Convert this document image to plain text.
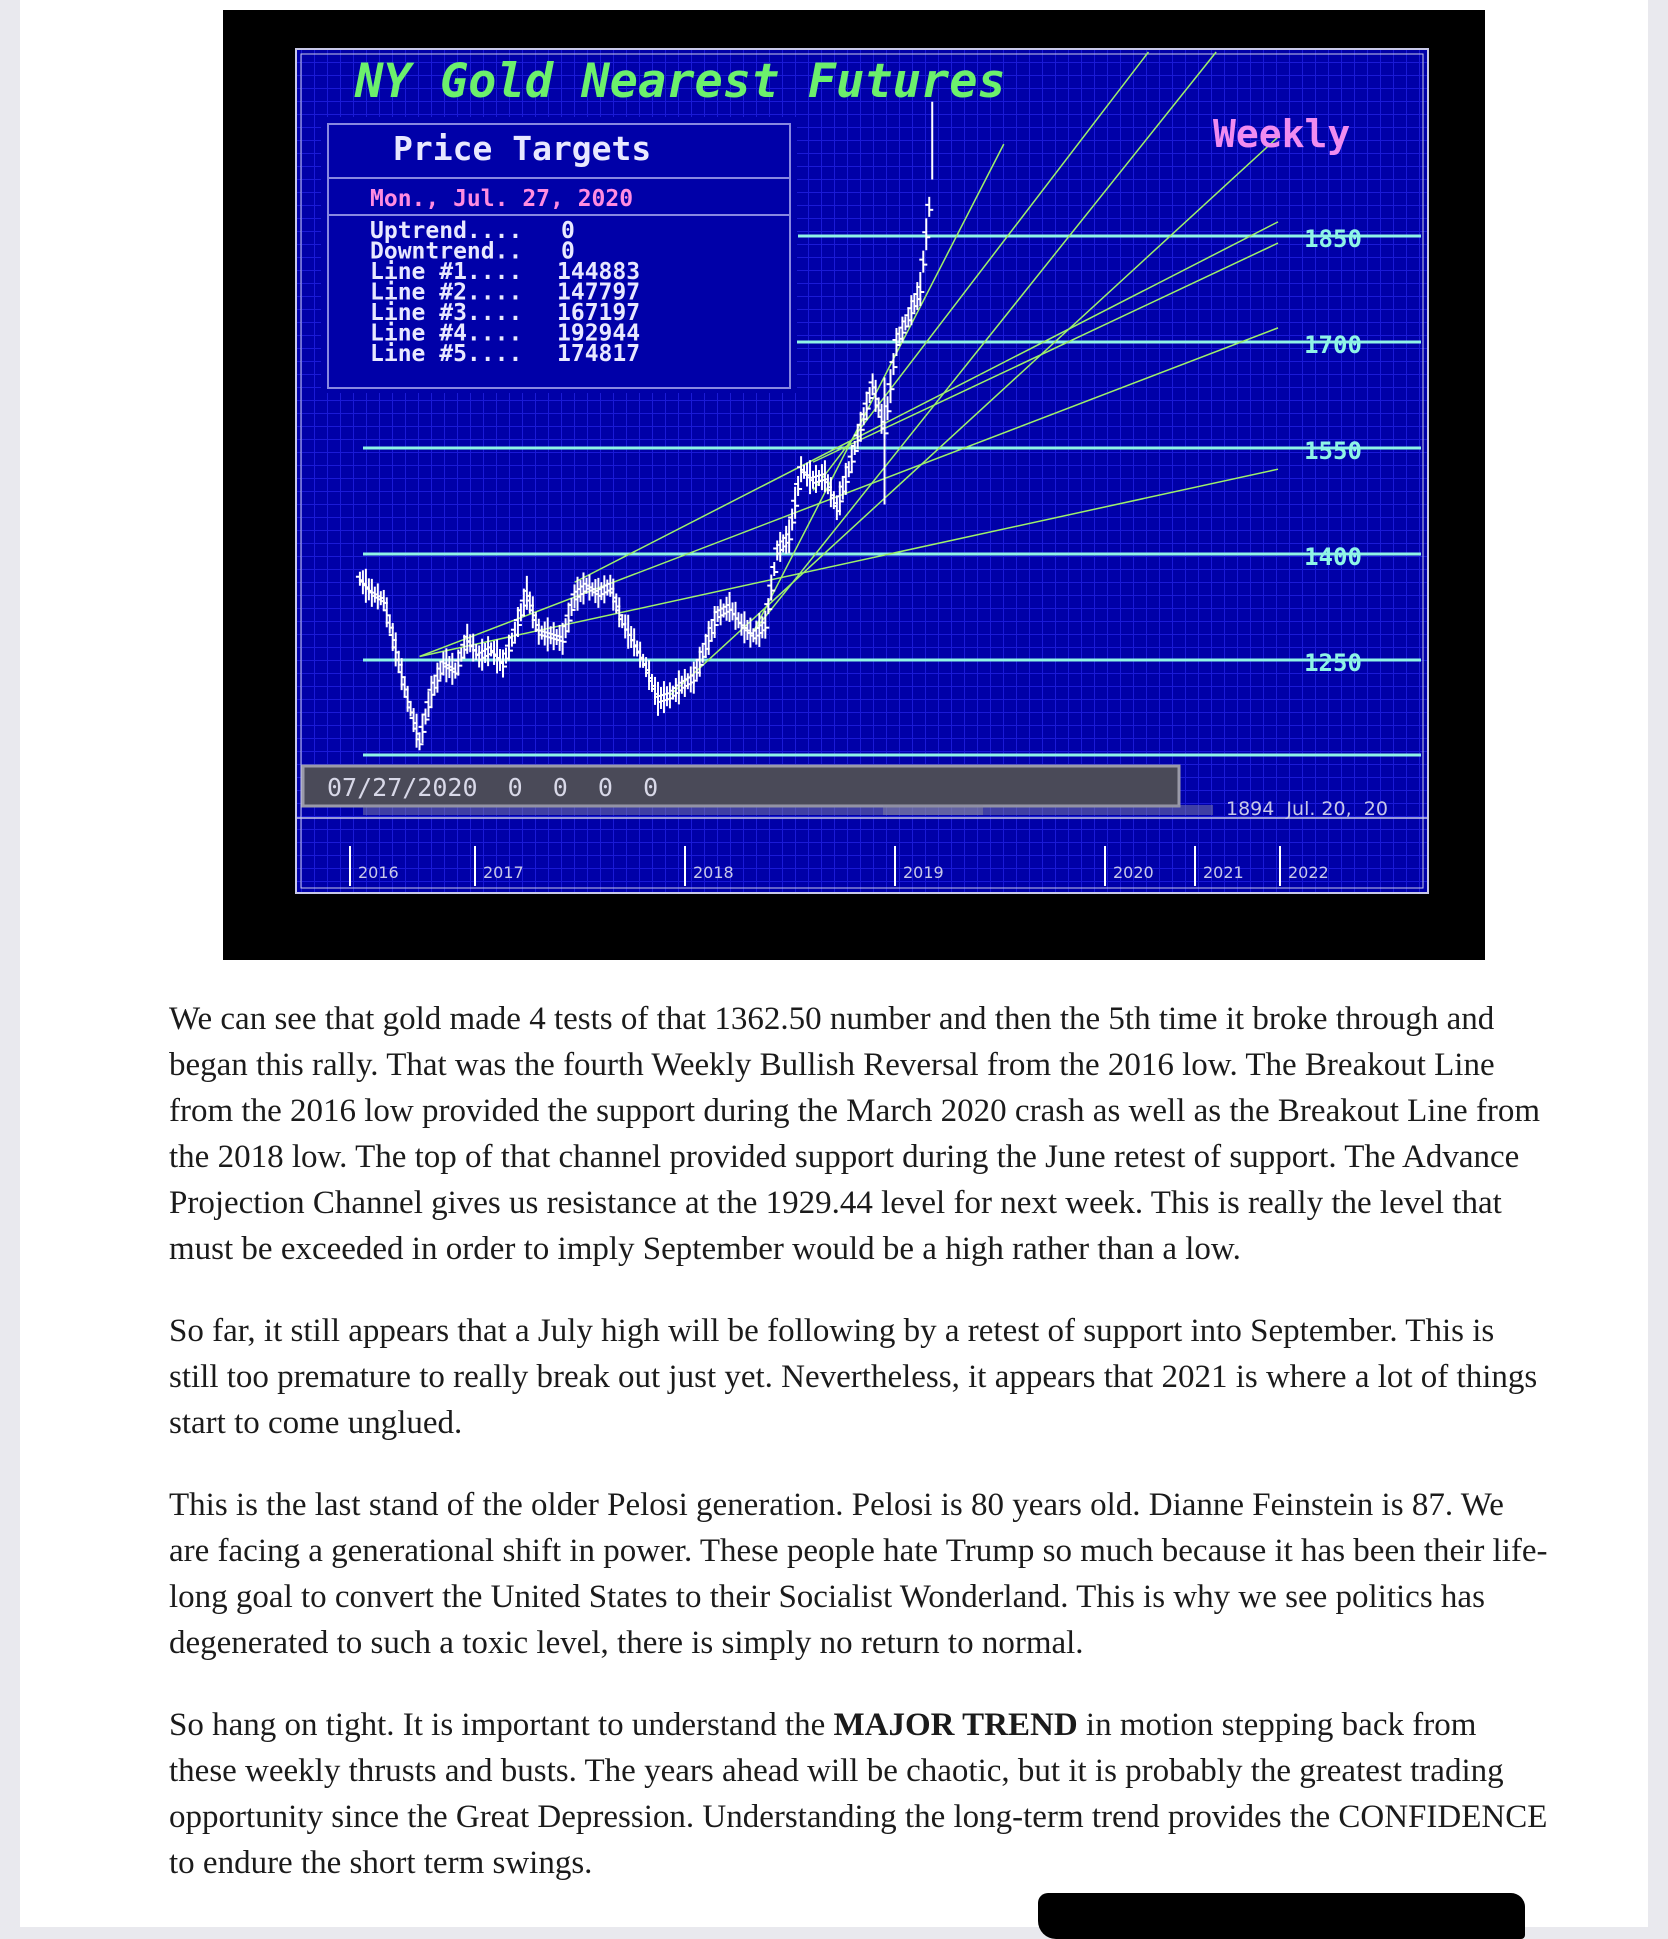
1850
1700
1550
1400
1250
NY Gold Nearest Futures
Weekly
Price Targets
Mon., Jul. 27, 2020
Uptrend.... 0
Downtrend.. 0
Line #1.... 144883
Line #2.... 147797
Line #3.... 167197
Line #4.... 192944
Line #5.... 174817
07/27/2020  0  0  0  0
1894  Jul. 20,  20
2016	2017	2018	2019	2020	2021	2022

We can see that gold made 4 tests of that 1362.50 number and then the 5th time it broke through and began this rally. That was the fourth Weekly Bullish Reversal from the 2016 low. The Breakout Line from the 2016 low provided the support during the March 2020 crash as well as the Breakout Line from the 2018 low. The top of that channel provided support during the June retest of support. The Advance Projection Channel gives us resistance at the 1929.44 level for next week. This is really the level that must be exceeded in order to imply September would be a high rather than a low.

So far, it still appears that a July high will be following by a retest of support into September. This is still too premature to really break out just yet. Nevertheless, it appears that 2021 is where a lot of things start to come unglued.

This is the last stand of the older Pelosi generation. Pelosi is 80 years old. Dianne Feinstein is 87. We are facing a generational shift in power. These people hate Trump so much because it has been their life-long goal to convert the United States to their Socialist Wonderland. This is why we see politics has degenerated to such a toxic level, there is simply no return to normal.

So hang on tight. It is important to understand the MAJOR TREND in motion stepping back from these weekly thrusts and busts. The years ahead will be chaotic, but it is probably the greatest trading opportunity since the Great Depression. Understanding the long-term trend provides the CONFIDENCE to endure the short term swings.
